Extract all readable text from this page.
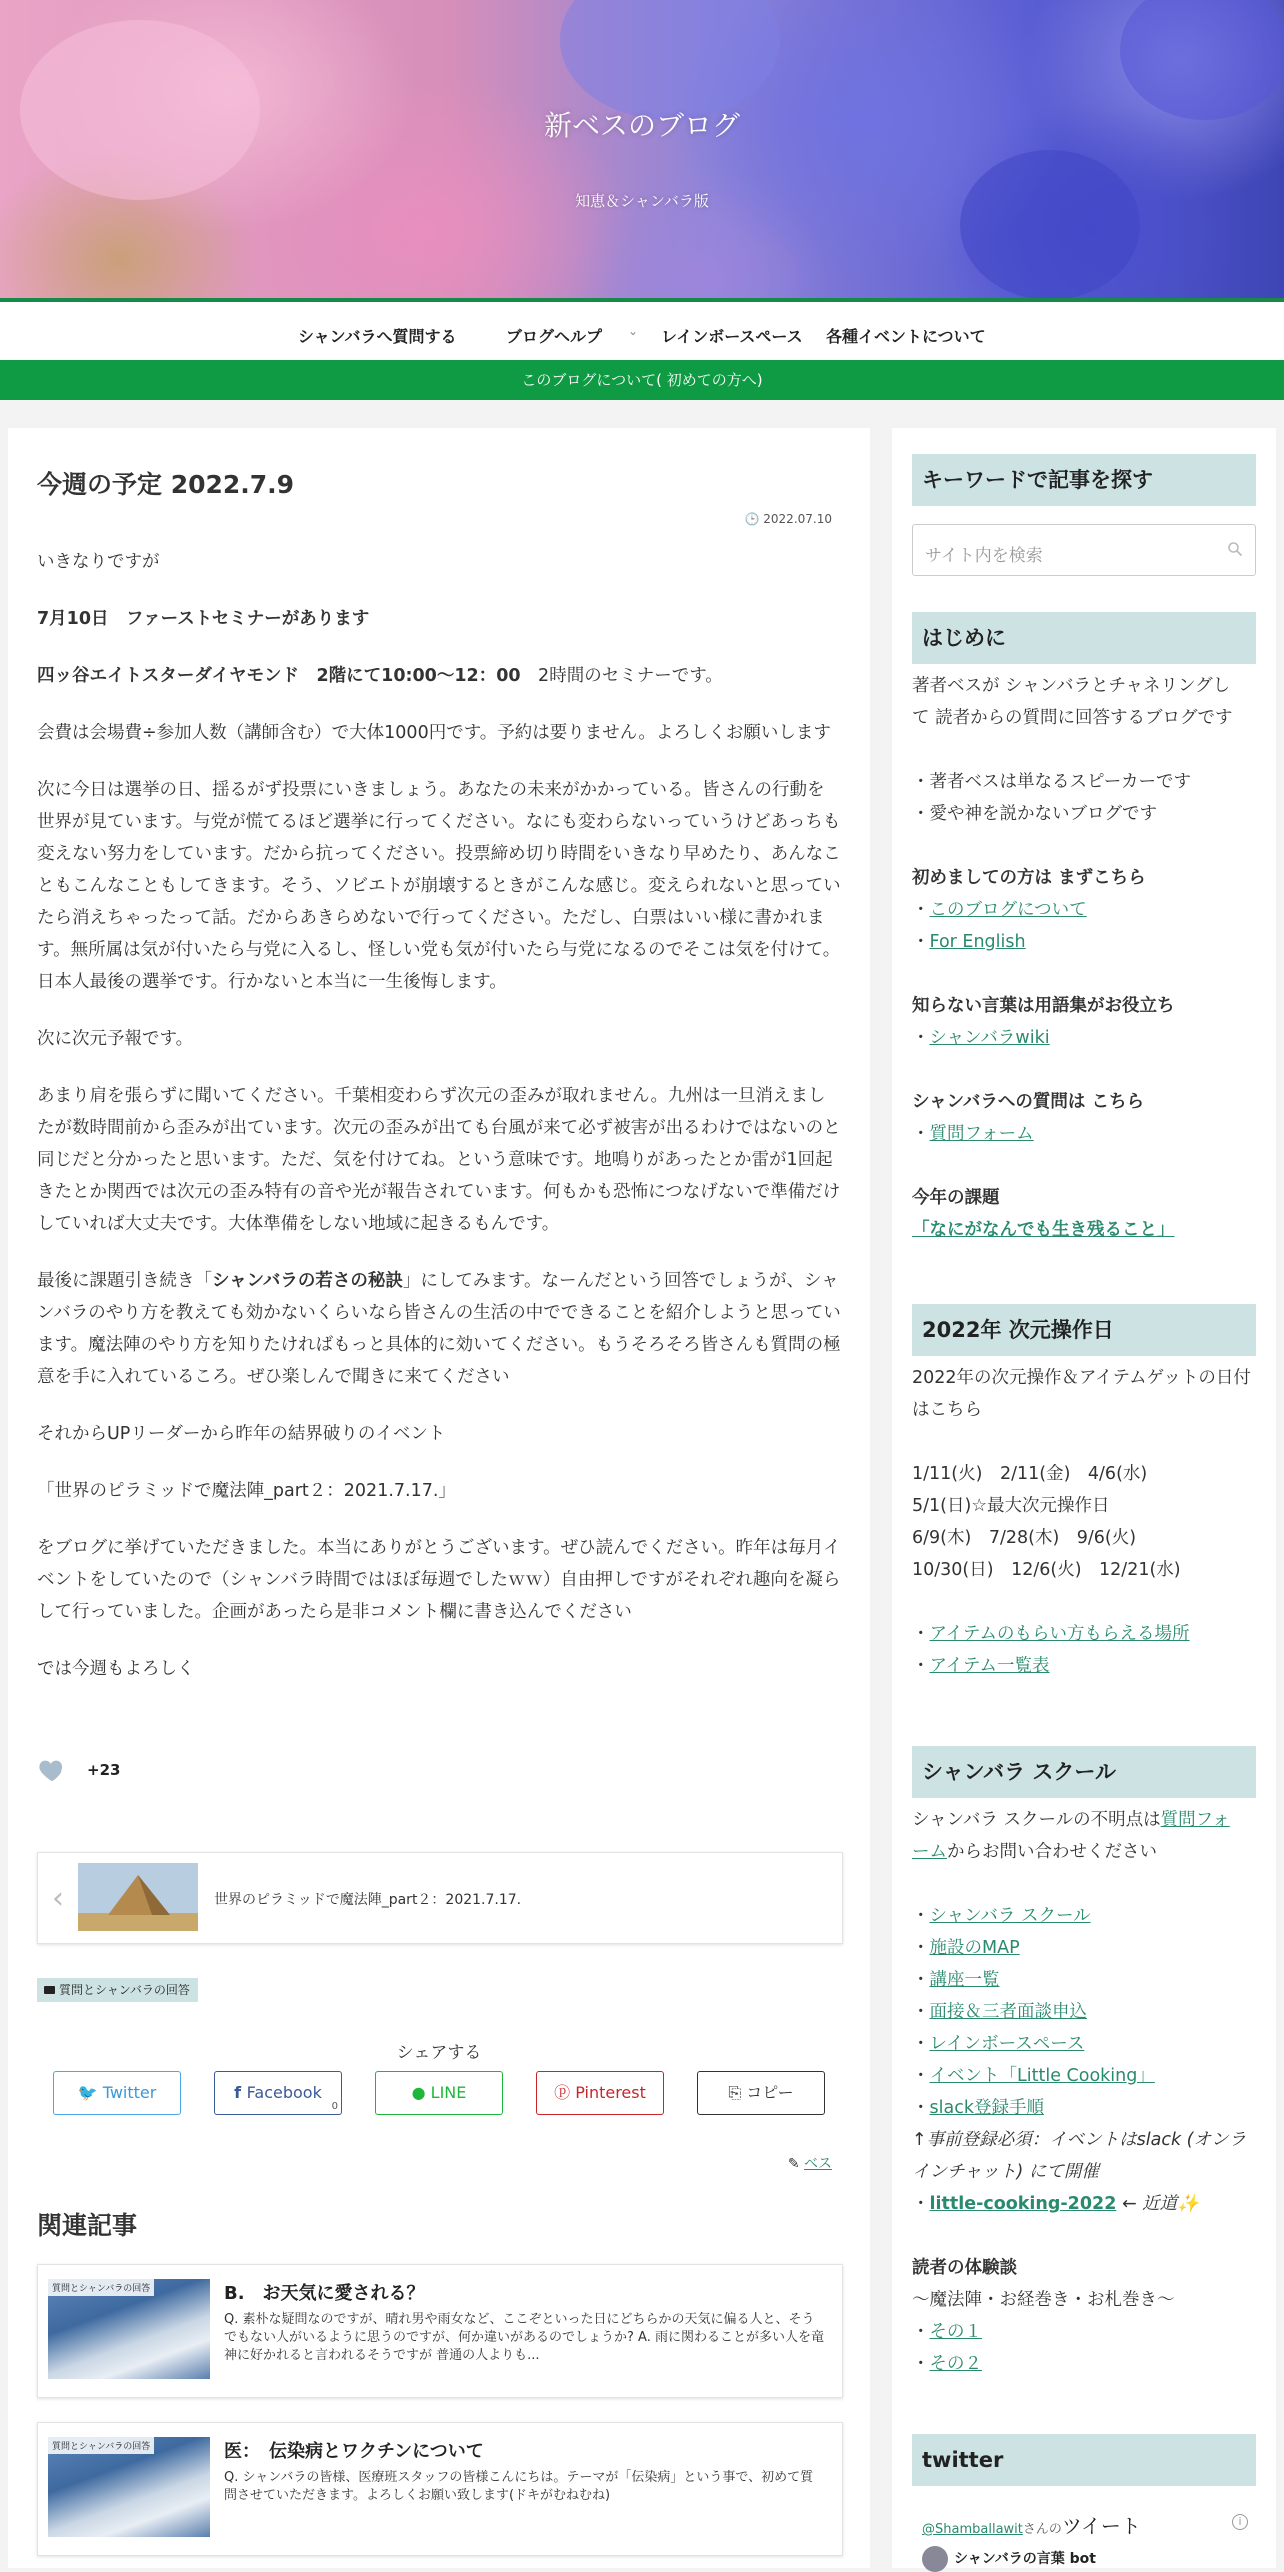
新ベスのブログ
知恵＆シャンバラ版
シャンバラへ質問する	ブログヘルプ ⌄ レインボースペース 各種イベントについて
このブログについて( 初めての方へ)
今週の予定 2022.7.9
🕒 2022.07.10

いきなりですが

7月10日　ファーストセミナーがあります

四ッ谷エイトスターダイヤモンド　2階にて10:00〜12：00　2時間のセミナーです。

会費は会場費÷参加人数（講師含む）で大体1000円です。予約は要りません。よろしくお願いします

次に今日は選挙の日、揺るがず投票にいきましょう。あなたの未来がかかっている。皆さんの行動を世界が見ています。与党が慌てるほど選挙に行ってください。なにも変わらないっていうけどあっちも変えない努力をしています。だから抗ってください。投票締め切り時間をいきなり早めたり、あんなこともこんなこともしてきます。そう、ソビエトが崩壊するときがこんな感じ。変えられないと思っていたら消えちゃったって話。だからあきらめないで行ってください。ただし、白票はいい様に書かれます。無所属は気が付いたら与党に入るし、怪しい党も気が付いたら与党になるのでそこは気を付けて。日本人最後の選挙です。行かないと本当に一生後悔します。

次に次元予報です。

あまり肩を張らずに聞いてください。千葉相変わらず次元の歪みが取れません。九州は一旦消えましたが数時間前から歪みが出ています。次元の歪みが出ても台風が来て必ず被害が出るわけではないのと同じだと分かったと思います。ただ、気を付けてね。という意味です。地鳴りがあったとか雷が1回起きたとか関西では次元の歪み特有の音や光が報告されています。何もかも恐怖につなげないで準備だけしていれば大丈夫です。大体準備をしない地域に起きるもんです。

最後に課題引き続き「シャンバラの若さの秘訣」にしてみます。なーんだという回答でしょうが、シャンバラのやり方を教えても効かないくらいなら皆さんの生活の中でできることを紹介しようと思っています。魔法陣のやり方を知りたければもっと具体的に効いてください。もうそろそろ皆さんも質問の極意を手に入れているころ。ぜひ楽しんで聞きに来てください

それからUPリーダーから昨年の結界破りのイベント

「世界のピラミッドで魔法陣_part２：2021.7.17.」

をブログに挙げていただきました。本当にありがとうございます。ぜひ読んでください。昨年は毎月イベントをしていたので（シャンバラ時間ではほぼ毎週でしたｗｗ）自由押しですがそれぞれ趣向を凝らして行っていました。企画があったら是非コメント欄に書き込んでください

では今週もよろしく

+23
‹	世界のピラミッドで魔法陣_part２：2021.7.17.
質問とシャンバラの回答
シェアする
🐦 Twitter	f Facebook
0
● LINE	ⓟ Pinterest	⎘ コピー
✎ ベス
関連記事
質問とシャンバラの回答	B.　お天気に愛される？
Q. 素朴な疑問なのですが、晴れ男や雨女など、ここぞといった日にどちらかの天気に偏る人と、そうでもない人がいるように思うのですが、何か違いがあるのでしょうか? A. 雨に関わることが多い人を竜神に好かれると言われるそうですが 普通の人よりも...
質問とシャンバラの回答	医：　伝染病とワクチンについて
Q. シャンバラの皆様、医療班スタッフの皆様こんにちは。テーマが「伝染病」という事で、初めて質問させていただきます。よろしくお願い致します(ドキがむねむね)
キーワードで記事を探す
サイト内を検索
はじめに
著者ベスが シャンバラとチャネリングし
て 読者からの質問に回答するブログです
・著者ベスは単なるスピーカーです
・愛や神を説かないブログです
初めましての方は まずこちら
・このブログについて
・For English
知らない言葉は用語集がお役立ち
・シャンバラwiki
シャンバラへの質問は こちら
・質問フォーム
今年の課題
「なにがなんでも生き残ること」
2022年 次元操作日
2022年の次元操作＆アイテムゲットの日付
はこちら
1/11(火)　2/11(金)　4/6(水)
5/1(日)☆最大次元操作日
6/9(木)　7/28(木)　9/6(火)
10/30(日)　12/6(火)　12/21(水)
・アイテムのもらい方もらえる場所
・アイテム一覧表
シャンバラ スクール
シャンバラ スクールの不明点は質問フォ
ームからお問い合わせください
・シャンバラ スクール
・施設のMAP
・講座一覧
・面接＆三者面談申込
・レインボースペース
・イベント「Little Cooking」
・slack登録手順
↑事前登録必須：イベントはslack (オンラ
インチャット) にて開催
・little-cooking-2022 ← 近道✨
読者の体験談
〜魔法陣・お経巻き・お札巻き〜
・その１
・その２
twitter
@Shamballawitさんのツイート	i
シャンバラの言葉 bot
